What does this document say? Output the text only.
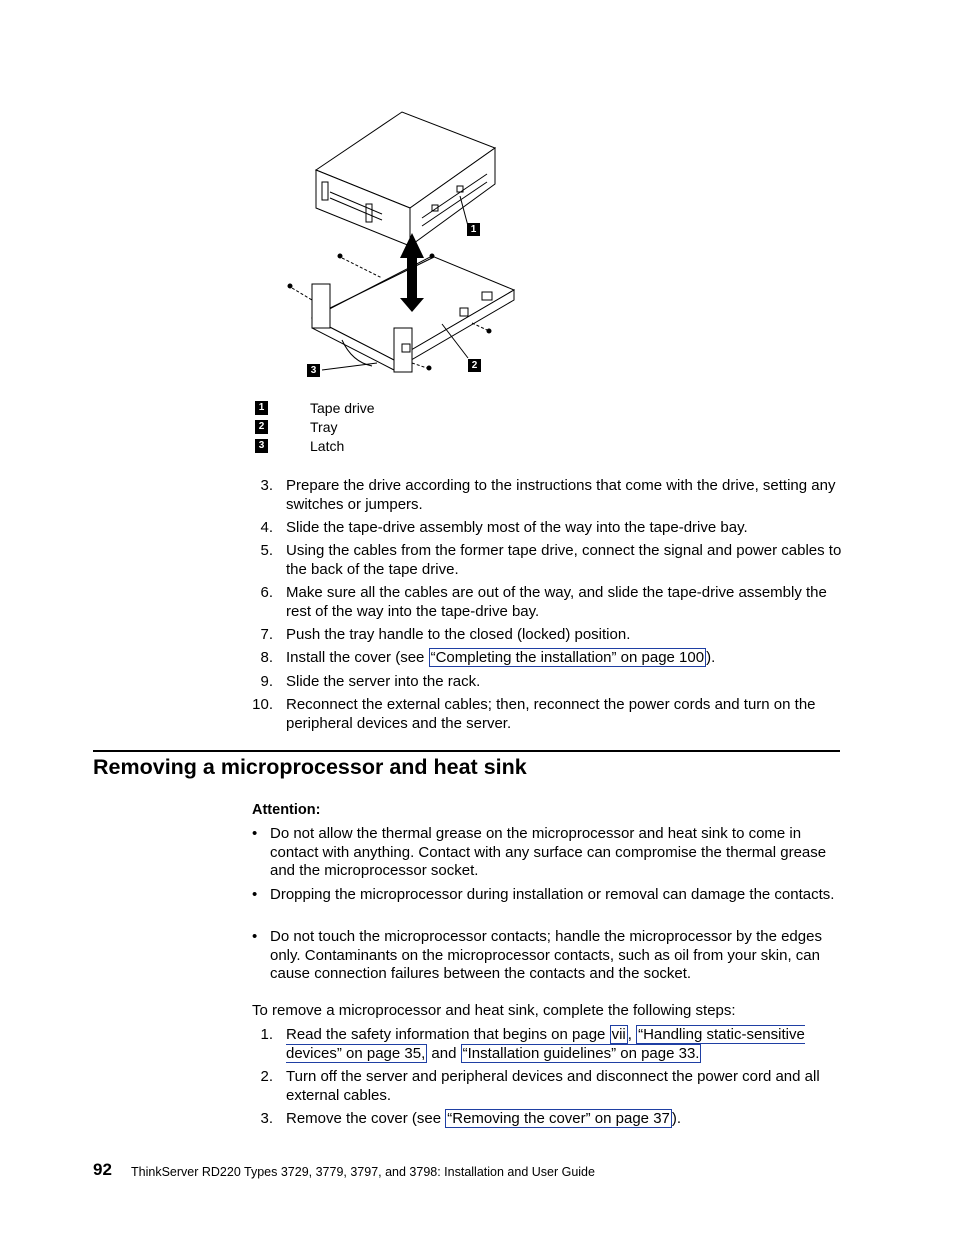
1
2
3
1	Tape drive
2	Tray
3	Latch
3. Prepare the drive according to the instructions that come with the drive, setting any switches or jumpers.
4. Slide the tape-drive assembly most of the way into the tape-drive bay.
5. Using the cables from the former tape drive, connect the signal and power cables to the back of the tape drive.
6. Make sure all the cables are out of the way, and slide the tape-drive assembly the rest of the way into the tape-drive bay.
7. Push the tray handle to the closed (locked) position.
8. Install the cover (see “Completing the installation” on page 100 ).
9. Slide the server into the rack.
10. Reconnect the external cables; then, reconnect the power cords and turn on the peripheral devices and the server.
Removing a microprocessor and heat sink
Attention:
• Do not allow the thermal grease on the microprocessor and heat sink to come in contact with anything. Contact with any surface can compromise the thermal grease and the microprocessor socket.
• Dropping the microprocessor during installation or removal can damage the contacts.
• Do not touch the microprocessor contacts; handle the microprocessor by the edges only. Contaminants on the microprocessor contacts, such as oil from your skin, can cause connection failures between the contacts and the socket.
To remove a microprocessor and heat sink, complete the following steps:
1. Read the safety information that begins on page vii , “Handling static-sensitive devices” on page 35, and “Installation guidelines” on page 33.
2. Turn off the server and peripheral devices and disconnect the power cord and all external cables.
3. Remove the cover (see “Removing the cover” on page 37 ).
92 ThinkServer RD220 Types 3729, 3779, 3797, and 3798: Installation and User Guide
